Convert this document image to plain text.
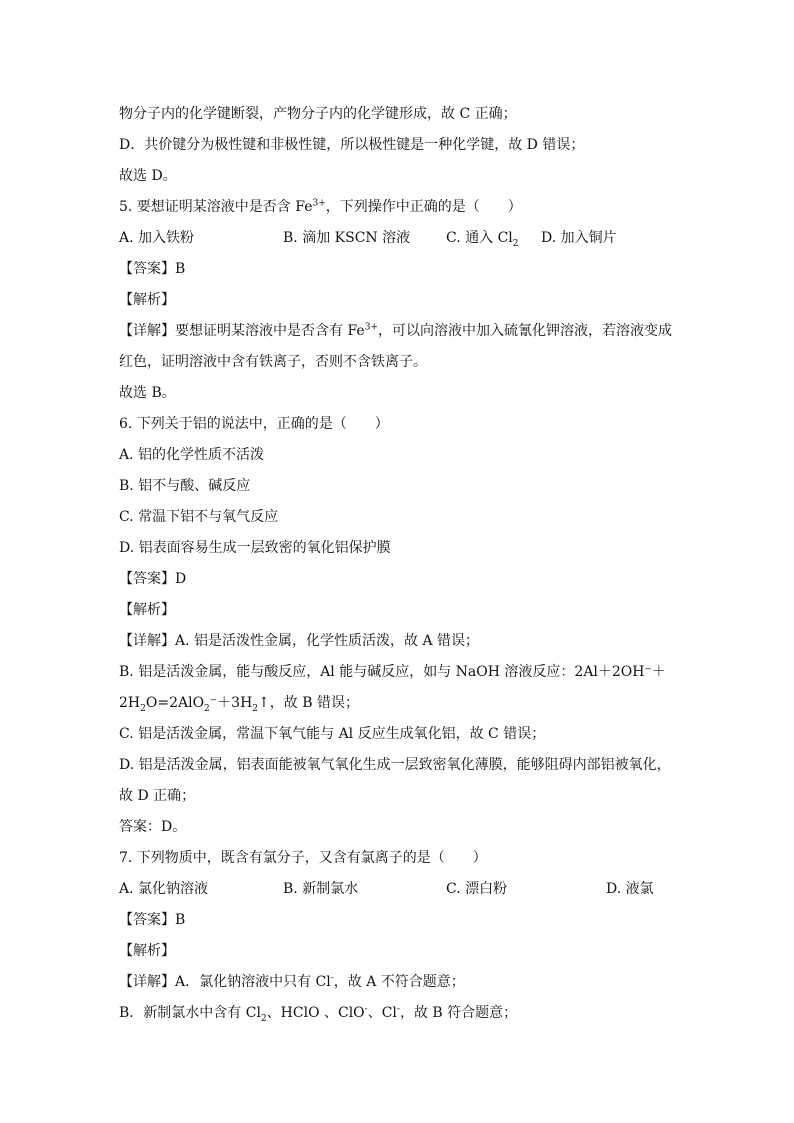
物分子内的化学键断裂，产物分子内的化学键形成，故 C 正确；
D．共价键分为极性键和非极性键，所以极性键是一种化学键，故 D 错误；
故选 D。
5. 要想证明某溶液中是否含 $Fe^{3+}$，下列操作中正确的是（　　）
A. 加入铁粉	B. 滴加 KSCN 溶液	C. 通入 $Cl_2$ D. 加入铜片
【答案】B
【解析】
【详解】要想证明某溶液中是否含有 $Fe^{3+}$，可以向溶液中加入硫氰化钾溶液，若溶液变成
红色，证明溶液中含有铁离子，否则不含铁离子。
故选 B。
6. 下列关于铝的说法中，正确的是（　　）
A. 铝的化学性质不活泼
B. 铝不与酸、碱反应
C. 常温下铝不与氧气反应
D. 铝表面容易生成一层致密的氧化铝保护膜
【答案】D
【解析】
【详解】A. 铝是活泼性金属，化学性质活泼，故 A 错误；
B. 铝是活泼金属，能与酸反应，Al 能与碱反应，如与 NaOH 溶液反应：2Al＋2OH⁻＋
$2H_2O=2AlO_2^-+3H_2↑$，故 B 错误；
C. 铝是活泼金属，常温下氧气能与 Al 反应生成氧化铝，故 C 错误；
D. 铝是活泼金属，铝表面能被氧气氧化生成一层致密氧化薄膜，能够阻碍内部铝被氧化，
故 D 正确；
答案：D。
7. 下列物质中，既含有氯分子，又含有氯离子的是（　　）
A. 氯化钠溶液	B. 新制氯水	C. 漂白粉	D. 液氯
【答案】B
【解析】
【详解】A．氯化钠溶液中只有 Cl-，故 A 不符合题意；
B．新制氯水中含有 $Cl_2$、HClO 、ClO-、Cl-，故 B 符合题意；
